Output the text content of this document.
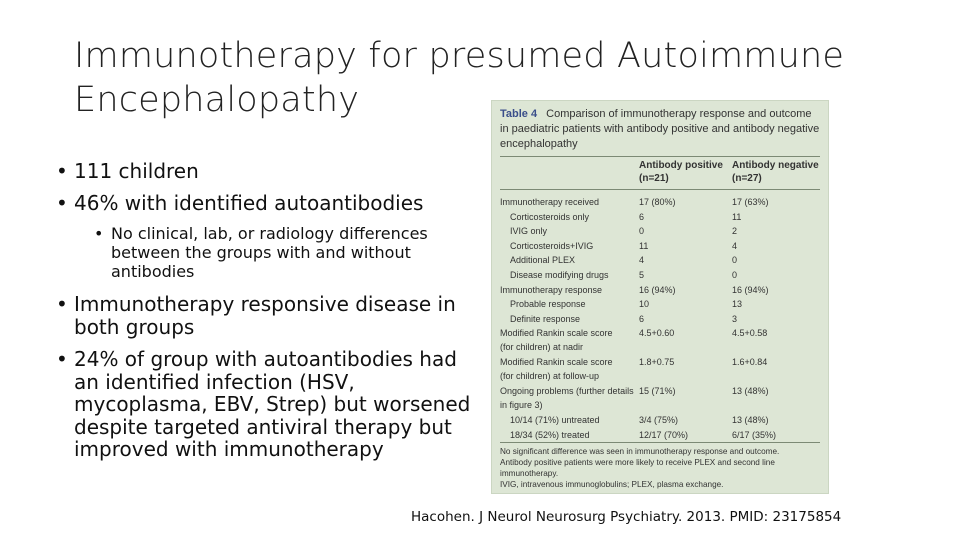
Immunotherapy for presumed Autoimmune
Encephalopathy
• 111 children
• 46% with identified autoantibodies
• No clinical, lab, or radiology differences between the groups with and without antibodies
• Immunotherapy responsive disease in both groups
• 24% of group with autoantibodies had an identified infection (HSV, mycoplasma, EBV, Strep) but worsened despite targeted antiviral therapy but improved with immunotherapy
Table 4 Comparison of immunotherapy response and outcome in paediatric patients with antibody positive and antibody negative encephalopathy
Antibody positive
(n=21)
Antibody negative
(n=27)
Immunotherapy received	17 (80%)	17 (63%)
Corticosteroids only	6	11
IVIG only	0	2
Corticosteroids+IVIG	11	4
Additional PLEX	4	0
Disease modifying drugs	5	0
Immunotherapy response	16 (94%)	16 (94%)
Probable response	10	13
Definite response	6	3
Modified Rankin scale score
(for children) at nadir
4.5+0.60	4.5+0.58
Modified Rankin scale score
(for children) at follow-up
1.8+0.75	1.6+0.84
Ongoing problems (further details
in figure 3)
15 (71%)	13 (48%)
10/14 (71%) untreated	3/4 (75%)	13 (48%)
18/34 (52%) treated	12/17 (70%)	6/17 (35%)
No significant difference was seen in immunotherapy response and outcome.
Antibody positive patients were more likely to receive PLEX and second line immunotherapy.
IVIG, intravenous immunoglobulins; PLEX, plasma exchange.
Hacohen. J Neurol Neurosurg Psychiatry. 2013. PMID: 23175854
